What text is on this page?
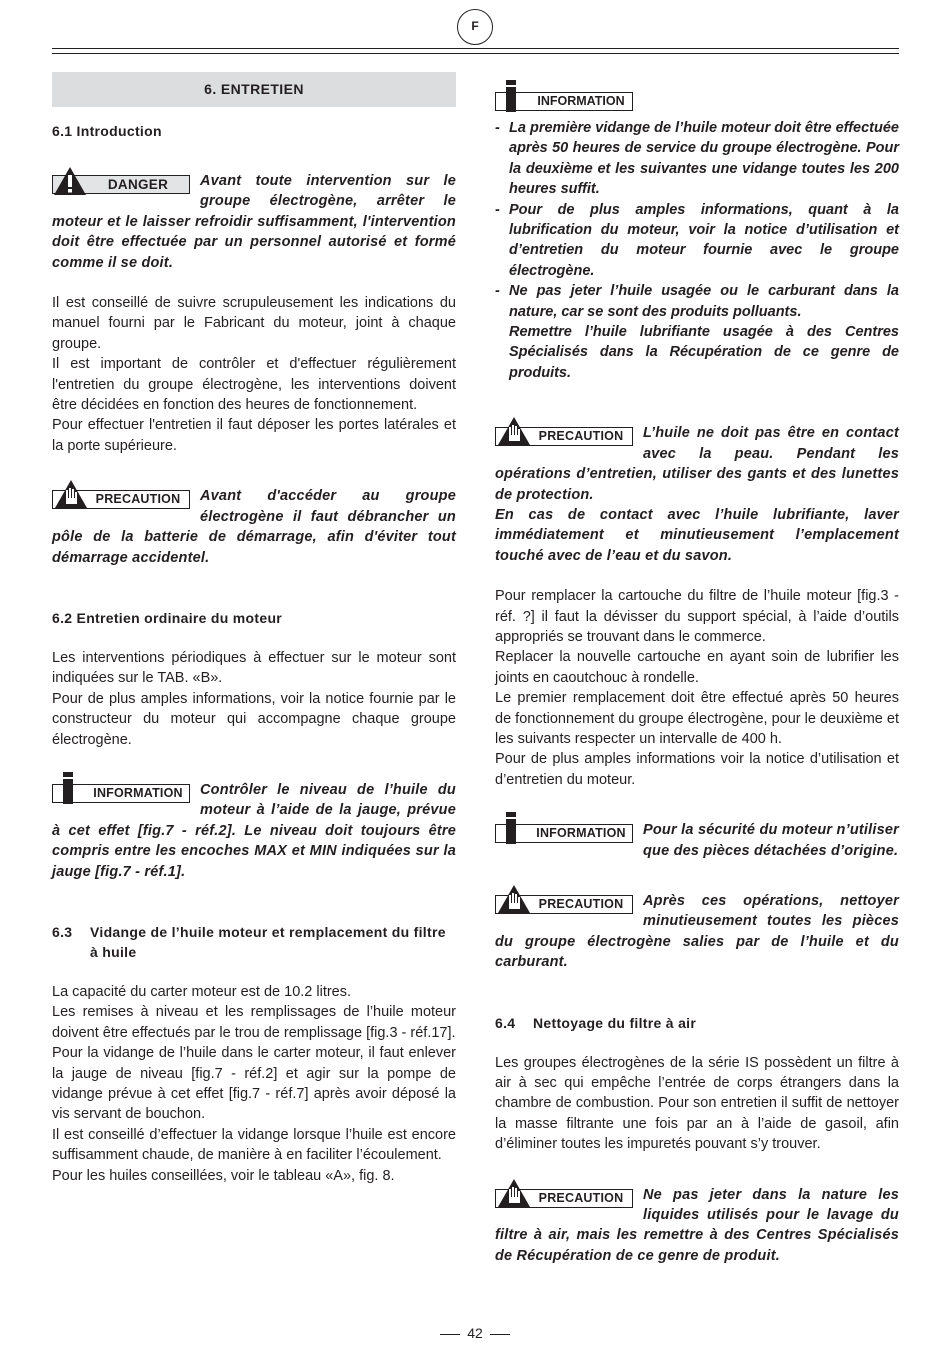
F
6. ENTRETIEN
6.1 Introduction
DANGER	Avant toute intervention sur le groupe électrogène, arrêter le moteur et le laisser refroidir suffisamment, l'intervention doit être effectuée par un personnel autorisé et formé comme il se doit.

Il est conseillé de suivre scrupuleusement les indications du manuel fourni par le Fabricant du moteur, joint à chaque groupe.

Il est important de contrôler et d'effectuer régulièrement l'entretien du groupe électrogène, les interventions doivent être décidées en fonction des heures de fonctionnement.

Pour effectuer l'entretien il faut déposer les portes latérales et la porte supérieure.

PRECAUTION	Avant d'accéder au groupe électrogène il faut débrancher un pôle de la batterie de démarrage, afin d'éviter tout démarrage accidentel.
6.2 Entretien ordinaire du moteur

Les interventions périodiques à effectuer sur le moteur sont indiquées sur le TAB. «B».

Pour de plus amples informations, voir la notice fournie par le constructeur du moteur qui accompagne chaque groupe électrogène.

INFORMATION	Contrôler le niveau de l’huile du moteur à l’aide de la jauge, prévue à cet effet [fig.7 - réf.2]. Le niveau doit toujours être compris entre les encoches MAX et MIN indiquées sur la jauge [fig.7 - réf.1].
6.3 Vidange de l’huile moteur et remplacement du filtre à huile

La capacité du carter moteur est de 10.2 litres.

Les remises à niveau et les remplissages de l’huile moteur doivent être effectués par le trou de remplissage [fig.3 - réf.17].

Pour la vidange de l’huile dans le carter moteur, il faut enlever la jauge de niveau [fig.7 - réf.2] et agir sur la pompe de vidange prévue à cet effet [fig.7 - réf.7] après avoir déposé la vis servant de bouchon.

Il est conseillé d’effectuer la vidange lorsque l’huile est encore suffisamment chaude, de manière à en faciliter l’écoulement.

Pour les huiles conseillées, voir le tableau «A», fig. 8.

INFORMATION
- La première vidange de l’huile moteur doit être effectuée après 50 heures de service du groupe électrogène. Pour la deuxième et les suivantes une vidange toutes les 200 heures suffit.
- Pour de plus amples informations, quant à la lubrification du moteur, voir la notice d’utilisation et d’entretien du moteur fournie avec le groupe électrogène.
- Ne pas jeter l’huile usagée ou le carburant dans la nature, car se sont des produits polluants.
Remettre l’huile lubrifiante usagée à des Centres Spécialisés dans la Récupération de ce genre de produits.
PRECAUTION	L’huile ne doit pas être en contact avec la peau. Pendant les opérations d’entretien, utiliser des gants et des lunettes de protection.
En cas de contact avec l’huile lubrifiante, laver immédiatement et minutieusement l’emplacement touché avec de l’eau et du savon.

Pour remplacer la cartouche du filtre de l’huile moteur [fig.3 - réf. ?] il faut la dévisser du support spécial, à l’aide d’outils appropriés se trouvant dans le commerce.

Replacer la nouvelle cartouche en ayant soin de lubrifier les joints en caoutchouc à rondelle.

Le premier remplacement doit être effectué après 50 heures de fonctionnement du groupe électrogène, pour le deuxième et les suivants respecter un intervalle de 400 h.

Pour de plus amples informations voir la notice d’utilisation et d’entretien du moteur.

INFORMATION	Pour la sécurité du moteur n’utiliser que des pièces détachées d’origine.
PRECAUTION	Après ces opérations, nettoyer minutieusement toutes les pièces du groupe électrogène salies par de l’huile et du carburant.
6.4 Nettoyage du filtre à air

Les groupes électrogènes de la série IS possèdent un filtre à air à sec qui empêche l’entrée de corps étrangers dans la chambre de combustion. Pour son entretien il suffit de nettoyer la masse filtrante une fois par an à l’aide de gasoil, afin d’éliminer toutes les impuretés pouvant s’y trouver.

PRECAUTION	Ne pas jeter dans la nature les liquides utilisés pour le lavage du filtre à air, mais les remettre à des Centres Spécialisés de Récupération de ce genre de produit.
42
